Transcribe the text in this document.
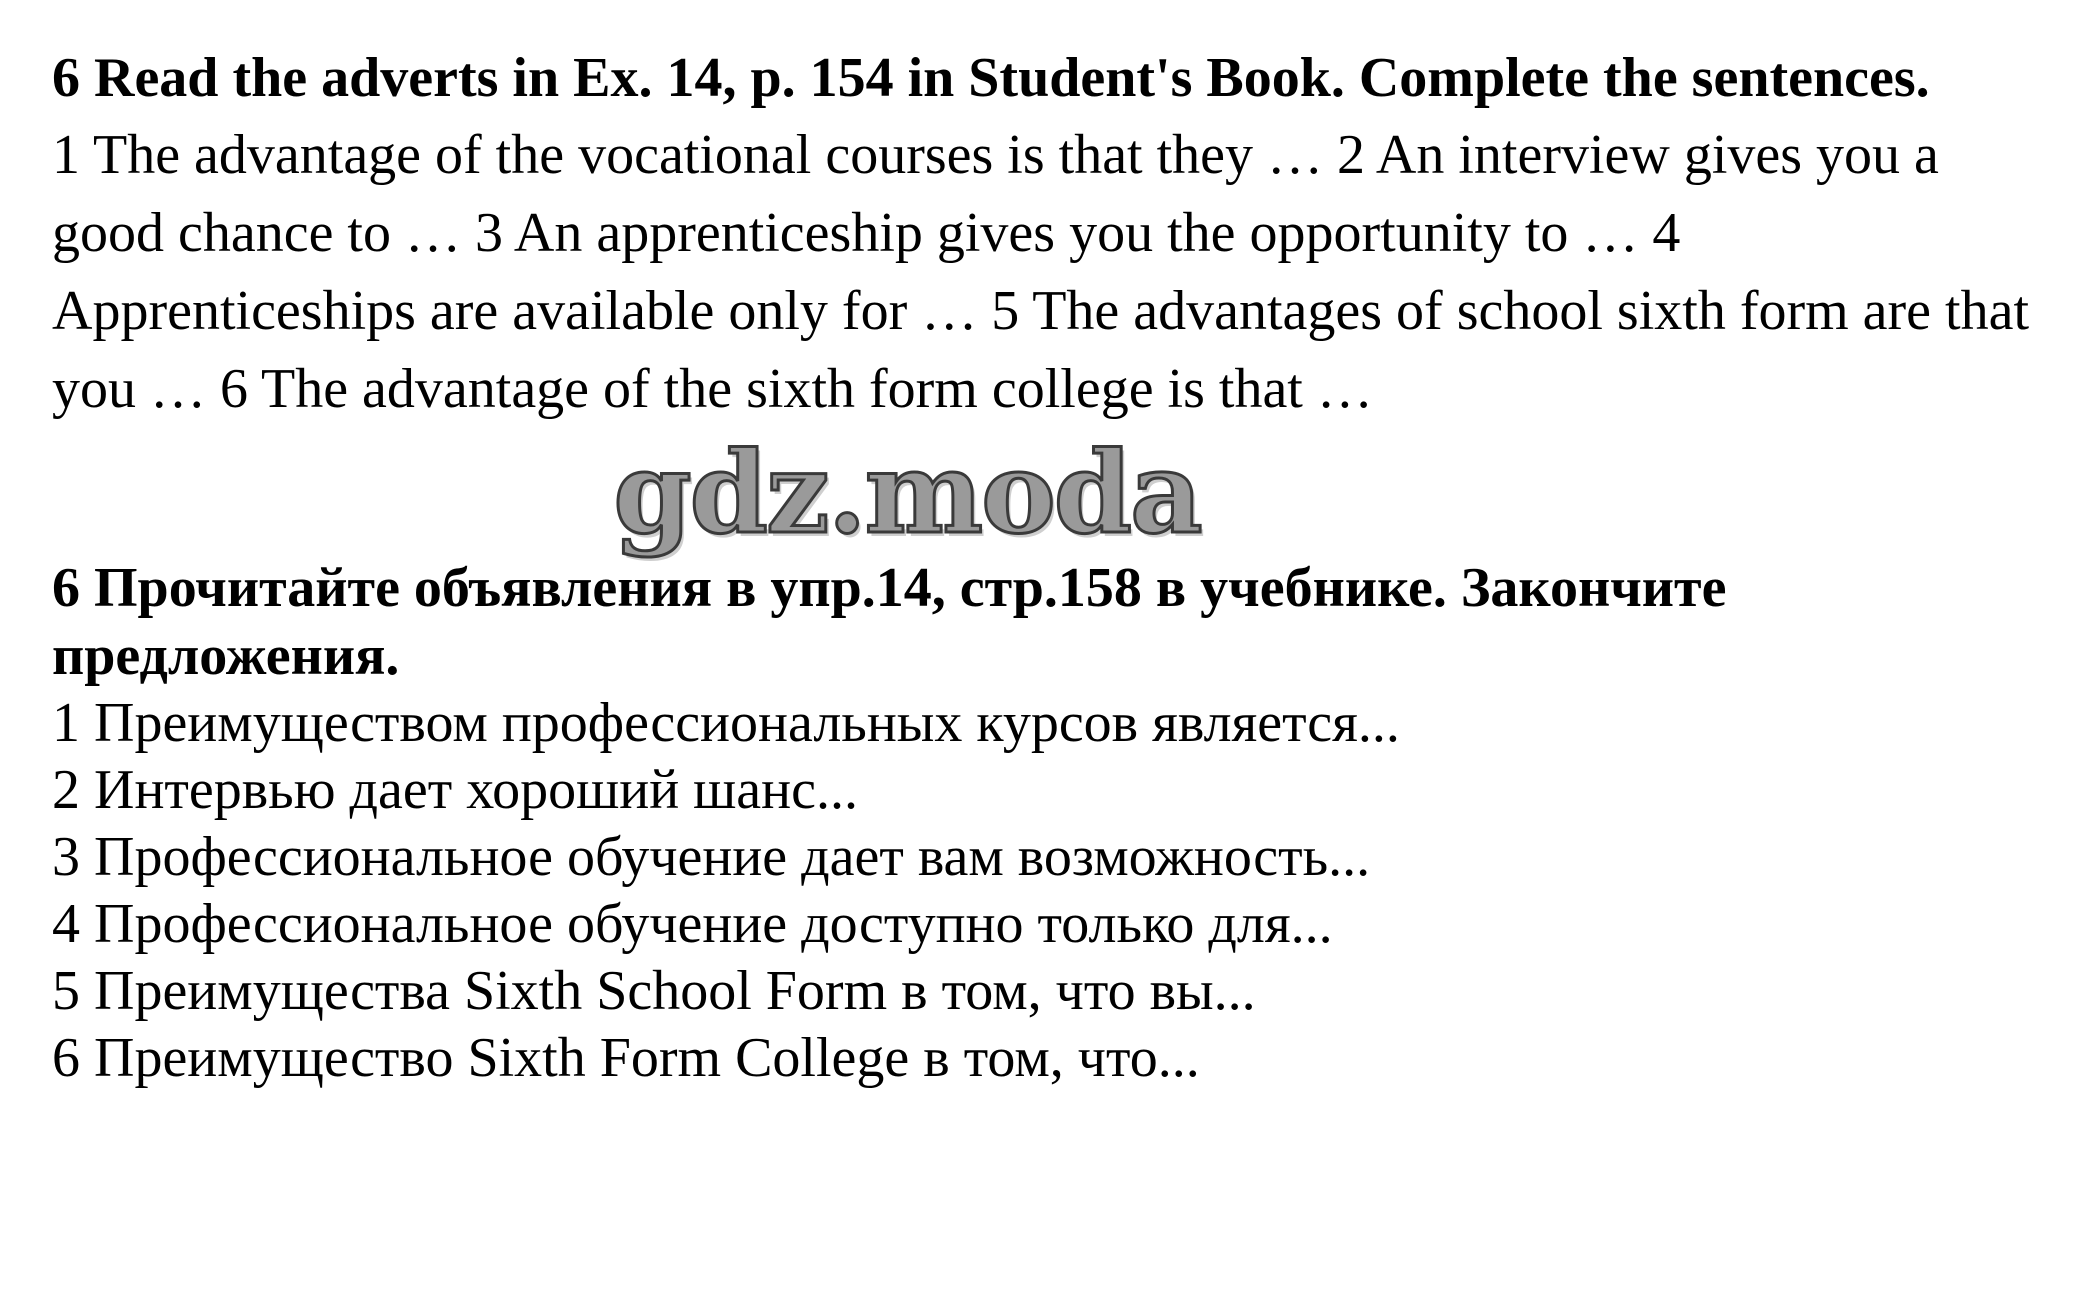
6 Read the adverts in Ex. 14, p. 154 in Student's Book. Complete the sentences.

1 The advantage of the vocational courses is that they … 2 An interview gives you a good chance to … 3 An apprenticeship gives you the opportunity to … 4 Apprenticeships are available only for … 5 The advantages of school sixth form are that you … 6 The advantage of the sixth form college is that …

gdz.moda

6 Прочитайте объявления в упр.14, стр.158 в учебнике. Закончите предложения.

1 Преимуществом профессиональных курсов является...
2 Интервью дает хороший шанс...
3 Профессиональное обучение дает вам возможность...
4 Профессиональное обучение доступно только для...
5 Преимущества Sixth School Form в том, что вы...
6 Преимущество Sixth Form College в том, что...
